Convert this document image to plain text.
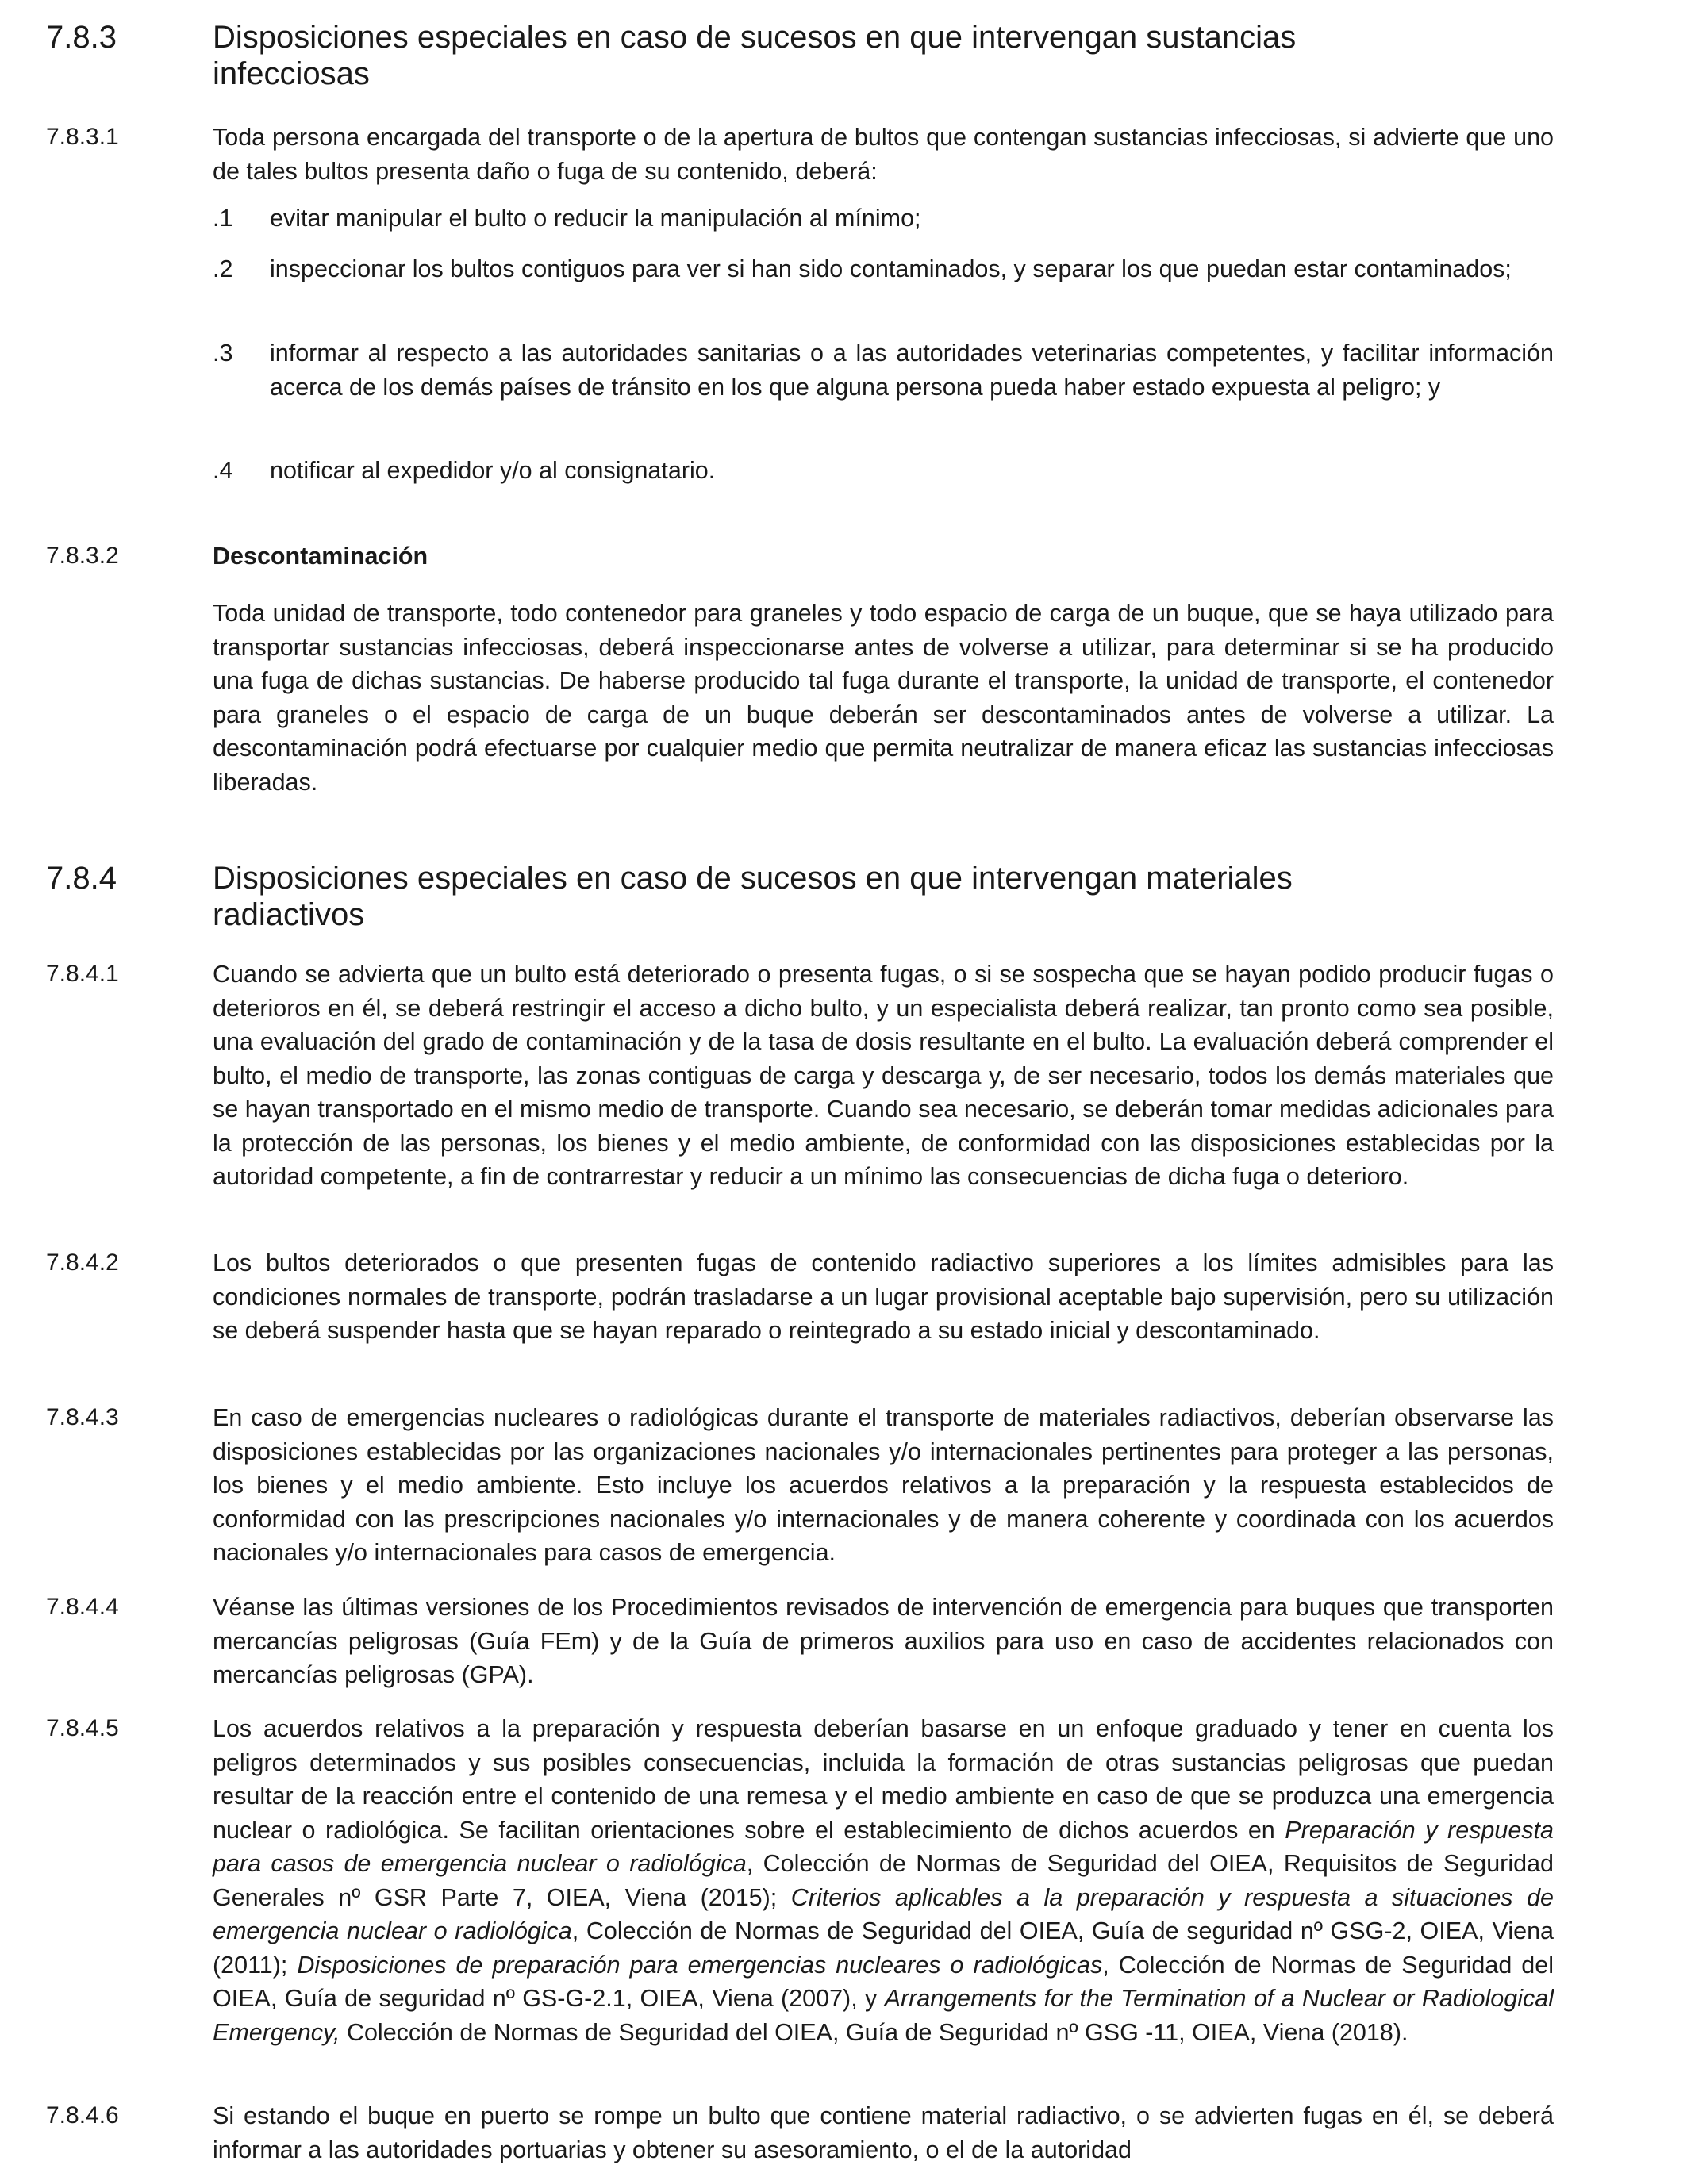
7.8.3	Disposiciones especiales en caso de sucesos en que intervengan sustancias infecciosas
7.8.3.1	Toda persona encargada del transporte o de la apertura de bultos que contengan sustancias infecciosas, si advierte que uno de tales bultos presenta daño o fuga de su contenido, deberá:
.1 evitar manipular el bulto o reducir la manipulación al mínimo;
.2 inspeccionar los bultos contiguos para ver si han sido contaminados, y separar los que puedan estar contaminados;
.3 informar al respecto a las autoridades sanitarias o a las autoridades veterinarias competentes, y facilitar información acerca de los demás países de tránsito en los que alguna persona pueda haber estado expuesta al peligro; y
.4 notificar al expedidor y/o al consignatario.
7.8.3.2	Descontaminación
Toda unidad de transporte, todo contenedor para graneles y todo espacio de carga de un buque, que se haya utilizado para transportar sustancias infecciosas, deberá inspeccionarse antes de volverse a utilizar, para determinar si se ha producido una fuga de dichas sustancias. De haberse producido tal fuga durante el transporte, la unidad de transporte, el contenedor para graneles o el espacio de carga de un buque deberán ser descontaminados antes de volverse a utilizar. La descontaminación podrá efectuarse por cualquier medio que permita neutralizar de manera eficaz las sustancias infecciosas liberadas.
7.8.4	Disposiciones especiales en caso de sucesos en que intervengan materiales radiactivos
7.8.4.1	Cuando se advierta que un bulto está deteriorado o presenta fugas, o si se sospecha que se hayan podido producir fugas o deterioros en él, se deberá restringir el acceso a dicho bulto, y un especialista deberá realizar, tan pronto como sea posible, una evaluación del grado de contaminación y de la tasa de dosis resultante en el bulto. La evaluación deberá comprender el bulto, el medio de transporte, las zonas contiguas de carga y descarga y, de ser necesario, todos los demás materiales que se hayan transportado en el mismo medio de transporte. Cuando sea necesario, se deberán tomar medidas adicionales para la protección de las personas, los bienes y el medio ambiente, de conformidad con las disposiciones establecidas por la autoridad competente, a fin de contrarrestar y reducir a un mínimo las consecuencias de dicha fuga o deterioro.
7.8.4.2	Los bultos deteriorados o que presenten fugas de contenido radiactivo superiores a los límites admisibles para las condiciones normales de transporte, podrán trasladarse a un lugar provisional aceptable bajo supervisión, pero su utilización se deberá suspender hasta que se hayan reparado o reintegrado a su estado inicial y descontaminado.
7.8.4.3	En caso de emergencias nucleares o radiológicas durante el transporte de materiales radiactivos, deberían observarse las disposiciones establecidas por las organizaciones nacionales y/o internacionales pertinentes para proteger a las personas, los bienes y el medio ambiente. Esto incluye los acuerdos relativos a la preparación y la respuesta establecidos de conformidad con las prescripciones nacionales y/o internacionales y de manera coherente y coordinada con los acuerdos nacionales y/o internacionales para casos de emergencia.
7.8.4.4	Véanse las últimas versiones de los Procedimientos revisados de intervención de emergencia para buques que transporten mercancías peligrosas (Guía FEm) y de la Guía de primeros auxilios para uso en caso de accidentes relacionados con mercancías peligrosas (GPA).
7.8.4.5	Los acuerdos relativos a la preparación y respuesta deberían basarse en un enfoque graduado y tener en cuenta los peligros determinados y sus posibles consecuencias, incluida la formación de otras sustancias peligrosas que puedan resultar de la reacción entre el contenido de una remesa y el medio ambiente en caso de que se produzca una emergencia nuclear o radiológica. Se facilitan orientaciones sobre el establecimiento de dichos acuerdos en Preparación y respuesta para casos de emergencia nuclear o radiológica, Colección de Normas de Seguridad del OIEA, Requisitos de Seguridad Generales nº GSR Parte 7, OIEA, Viena (2015); Criterios aplicables a la preparación y respuesta a situaciones de emergencia nuclear o radiológica, Colección de Normas de Seguridad del OIEA, Guía de seguridad nº GSG-2, OIEA, Viena (2011); Disposiciones de preparación para emergencias nucleares o radiológicas, Colección de Normas de Seguridad del OIEA, Guía de seguridad nº GS-G-2.1, OIEA, Viena (2007), y Arrangements for the Termination of a Nuclear or Radiological Emergency, Colección de Normas de Seguridad del OIEA, Guía de Seguridad nº GSG -11, OIEA, Viena (2018).
7.8.4.6	Si estando el buque en puerto se rompe un bulto que contiene material radiactivo, o se advierten fugas en él, se deberá informar a las autoridades portuarias y obtener su asesoramiento, o el de la autoridad
